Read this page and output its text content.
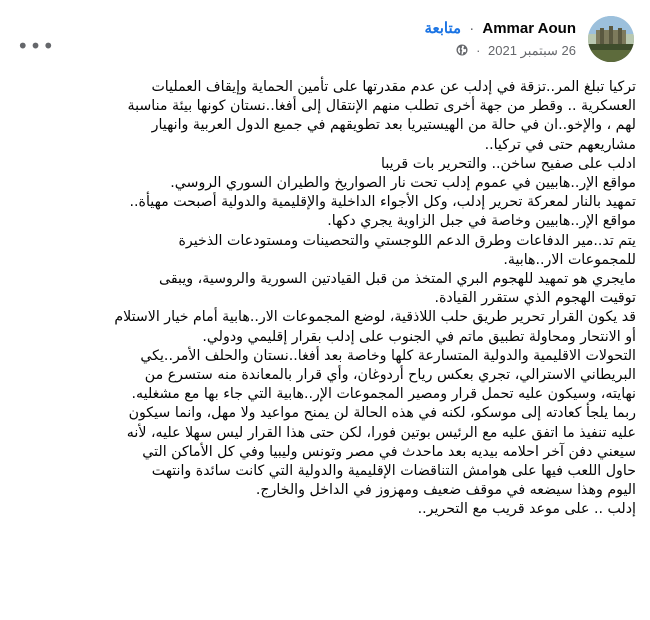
Ammar Aoun · متابعة
26 سبتمبر 2021 ·
•••
تركيا تبلغ المر..تزقة في إدلب عن عدم مقدرتها على تأمين الحماية وإيقاف العمليات
العسكرية .. وقطر من جهة أخرى تطلب منهم الإنتقال إلى أفغا..نستان كونها بيئة مناسبة
لهم ، والإخو..ان في حالة من الهيستيريا بعد تطويقهم في جميع الدول العربية وانهيار
مشاريعهم حتى في تركيا..
ادلب على صفيح ساخن.. والتحرير بات قريبا
مواقع الإر..هابيين في عموم إدلب تحت نار الصواريخ والطيران السوري الروسي.
تمهيد بالنار لمعركة تحرير إدلب، وكل الأجواء الداخلية والإقليمية والدولية أصبحت مهيأة..
مواقع الإر..هابيين وخاصة في جبل الزاوية يجري دكها.
يتم تد..مير الدفاعات وطرق الدعم اللوجستي والتحصينات ومستودعات الذخيرة
للمجموعات الار..هابية.
مايجري هو تمهيد للهجوم البري المتخذ من قبل القيادتين السورية والروسية، ويبقى
توقيت الهجوم الذي ستقرر القيادة.
قد يكون القرار تحرير طريق حلب اللاذقية، لوضع المجموعات الار..هابية أمام خيار الاستلام
أو الانتحار ومحاولة تطبيق ماتم في الجنوب على إدلب بقرار إقليمي ودولي.
التحولات الاقليمية والدولية المتسارعة كلها وخاصة بعد أفغا..نستان والحلف الأمر..يكي
البريطاني الاسترالي، تجري بعكس رياح أردوغان، وأي قرار بالمعاندة منه ستسرع من
نهايته، وسيكون عليه تحمل قرار ومصير المجموعات الإر..هابية التي جاء بها مع مشغليه.
ربما يلجأ كعادته إلى موسكو، لكنه في هذه الحالة لن يمنح مواعيد ولا مهل، وانما سيكون
عليه تنفيذ ما اتفق عليه مع الرئيس بوتين فورا، لكن حتى هذا القرار ليس سهلا عليه، لأنه
سيعني دفن آخر احلامه بيديه بعد ماحدث في مصر وتونس وليبيا وفي كل الأماكن التي
حاول اللعب فيها على هوامش التناقضات الإقليمية والدولية التي كانت سائدة وانتهت
اليوم وهذا سيضعه في موقف ضعيف ومهزوز في الداخل والخارج.
إدلب .. على موعد قريب مع التحرير..
